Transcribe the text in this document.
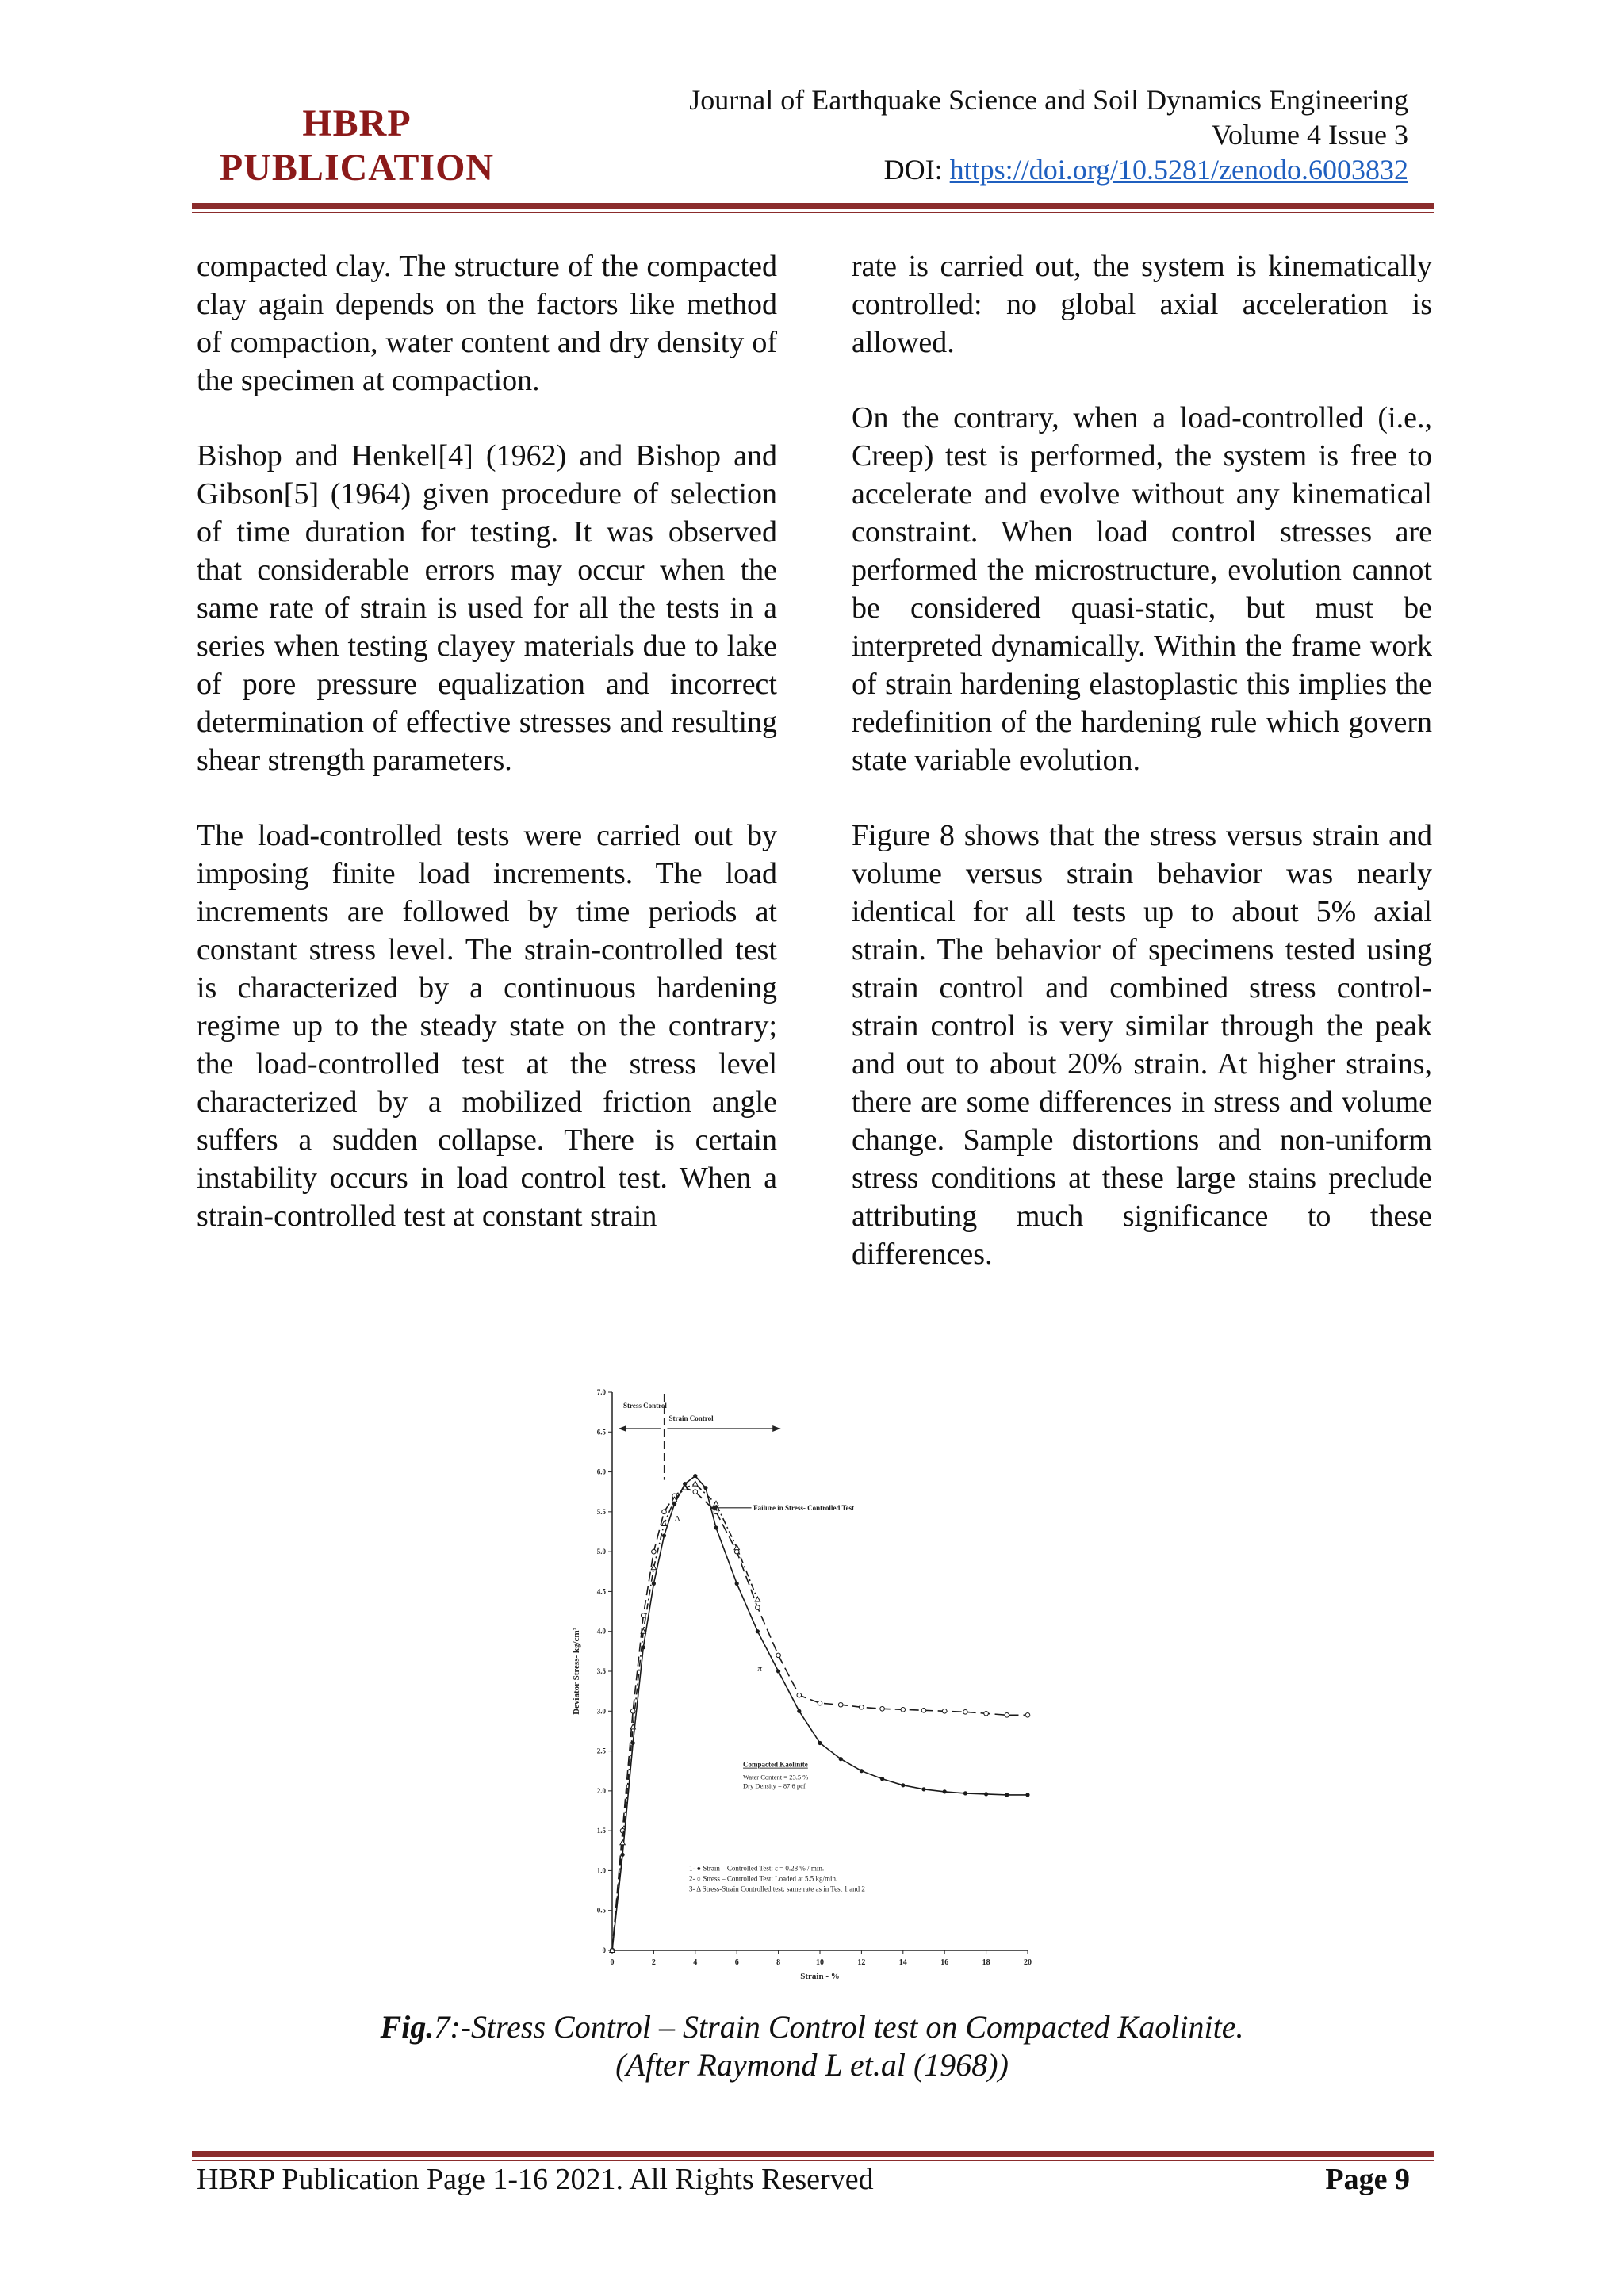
HBRP
PUBLICATION
Journal of Earthquake Science and Soil Dynamics Engineering
Volume 4 Issue 3
DOI: https://doi.org/10.5281/zenodo.6003832

compacted clay. The structure of the compacted clay again depends on the factors like method of compaction, water content and dry density of the specimen at compaction.

Bishop and Henkel[4] (1962) and Bishop and Gibson[5] (1964) given procedure of selection of time duration for testing. It was observed that considerable errors may occur when the same rate of strain is used for all the tests in a series when testing clayey materials due to lake of pore pressure equalization and incorrect determination of effective stresses and resulting shear strength parameters.

The load-controlled tests were carried out by imposing finite load increments. The load increments are followed by time periods at constant stress level. The strain-controlled test is characterized by a continuous hardening regime up to the steady state on the contrary; the load-controlled test at the stress level characterized by a mobilized friction angle suffers a sudden collapse. There is certain instability occurs in load control test. When a strain-controlled test at constant strain

rate is carried out, the system is kinematically controlled: no global axial acceleration is allowed.

On the contrary, when a load-controlled (i.e., Creep) test is performed, the system is free to accelerate and evolve without any kinematical constraint. When load control stresses are performed the microstructure, evolution cannot be considered quasi-static, but must be interpreted dynamically. Within the frame work of strain hardening elastoplastic this implies the redefinition of the hardening rule which govern state variable evolution.

Figure 8 shows that the stress versus strain and volume versus strain behavior was nearly identical for all tests up to about 5% axial strain. The behavior of specimens tested using strain control and combined stress control-strain control is very similar through the peak and out to about 20% strain. At higher strains, there are some differences in stress and volume change. Sample distortions and non-uniform stress conditions at these large stains preclude attributing much significance to these differences.

0	2	4	6	8	10	12	14	16	18	20
0
0.5
1.0
1.5
2.0
2.5
3.0
3.5
4.0
4.5
5.0
5.5
6.0
6.5
7.0
Strain - %
Deviator Stress- kg/cm²
Stress Control
Strain Control
Failure in Stress- Controlled Test
Δ
π
Compacted Kaolinite
Water Content = 23.5 %
Dry Density = 87.6 pcf
1- ● Strain – Controlled Test: ε̇ = 0.28 % / min.
2- ○ Stress – Controlled Test: Loaded at 5.5 kg/min.
3- Δ Stress-Strain Controlled test: same rate as in Test 1 and 2
Fig.7:-Stress Control – Strain Control test on Compacted Kaolinite.
(After Raymond L et.al (1968))
HBRP Publication Page 1-16 2021. All Rights Reserved	Page 9
